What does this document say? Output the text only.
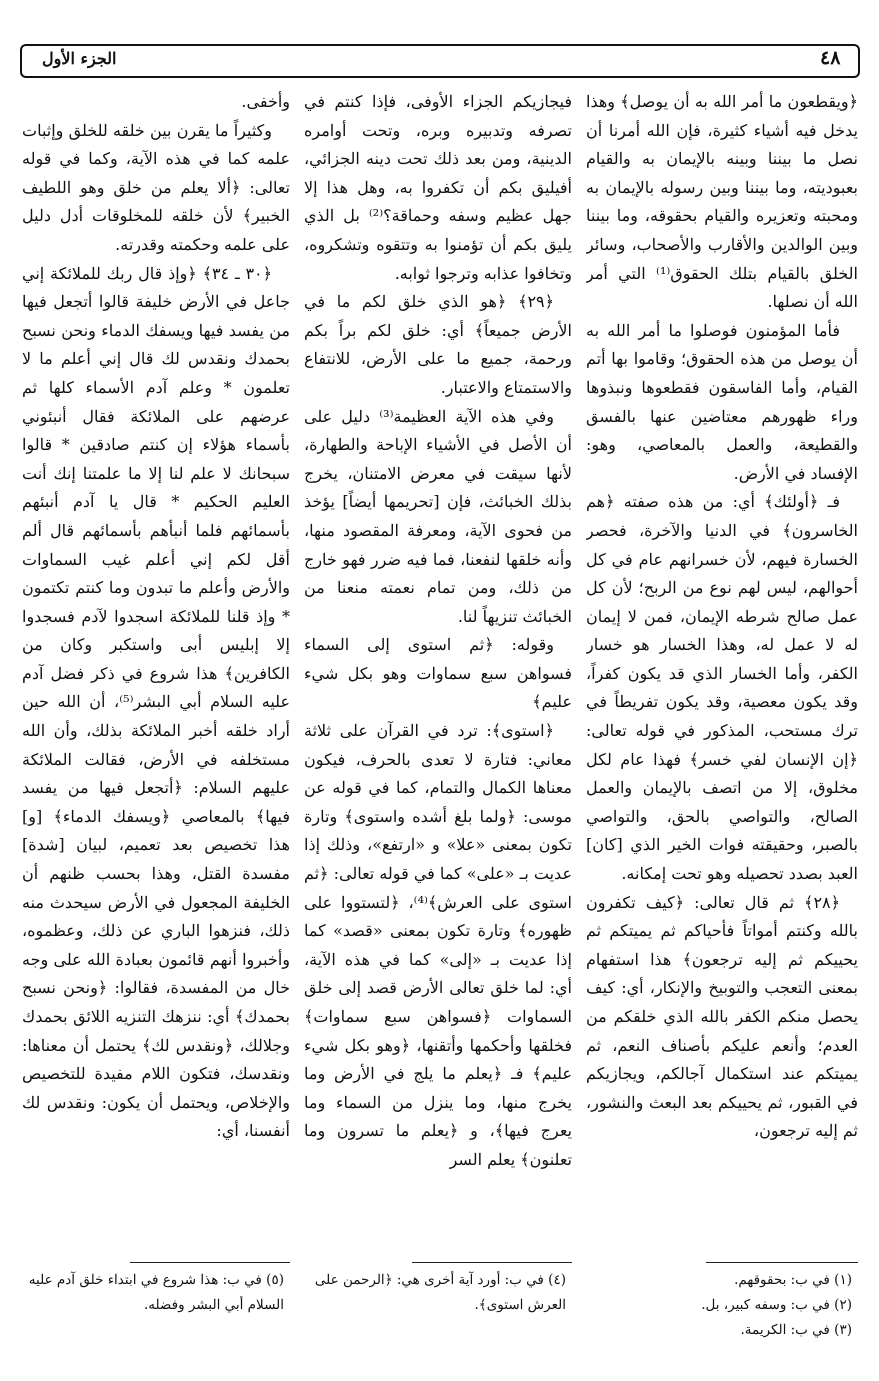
٤٨
الجزء الأول

﴿ويقطعون ما أمر الله به أن يوصل﴾ وهذا يدخل فيه أشياء كثيرة، فإن الله أمرنا أن نصل ما بيننا وبينه بالإيمان به والقيام بعبوديته، وما بيننا وبين رسوله بالإيمان به ومحبته وتعزيره والقيام بحقوقه، وما بيننا وبين الوالدين والأقارب والأصحاب، وسائر الخلق بالقيام بتلك الحقوق⁽¹⁾ التي أمر الله أن نصلها.

فأما المؤمنون فوصلوا ما أمر الله به أن يوصل من هذه الحقوق؛ وقاموا بها أتم القيام، وأما الفاسقون فقطعوها ونبذوها وراء ظهورهم معتاضين عنها بالفسق والقطيعة، والعمل بالمعاصي، وهو: الإفساد في الأرض.

فـ ﴿أولئك﴾ أي: من هذه صفته ﴿هم الخاسرون﴾ في الدنيا والآخرة، فحصر الخسارة فيهم، لأن خسرانهم عام في كل أحوالهم، ليس لهم نوع من الربح؛ لأن كل عمل صالح شرطه الإيمان، فمن لا إيمان له لا عمل له، وهذا الخسار هو خسار الكفر، وأما الخسار الذي قد يكون كفراً، وقد يكون معصية، وقد يكون تفريطاً في ترك مستحب، المذكور في قوله تعالى: ﴿إن الإنسان لفي خسر﴾ فهذا عام لكل مخلوق، إلا من اتصف بالإيمان والعمل الصالح، والتواصي بالحق، والتواصي بالصبر، وحقيقته فوات الخير الذي [كان] العبد بصدد تحصيله وهو تحت إمكانه.

﴿٢٨﴾ ثم قال تعالى: ﴿كيف تكفرون بالله وكنتم أمواتاً فأحياكم ثم يميتكم ثم يحييكم ثم إليه ترجعون﴾ هذا استفهام بمعنى التعجب والتوبيخ والإنكار، أي: كيف يحصل منكم الكفر بالله الذي خلقكم من العدم؛ وأنعم عليكم بأصناف النعم، ثم يميتكم عند استكمال آجالكم، ويجازيكم في القبور، ثم يحييكم بعد البعث والنشور، ثم إليه ترجعون،

فيجازيكم الجزاء الأوفى، فإذا كنتم في تصرفه وتدبيره وبره، وتحت أوامره الدينية، ومن بعد ذلك تحت دينه الجزائي، أفيليق بكم أن تكفروا به، وهل هذا إلا جهل عظيم وسفه وحماقة؟⁽²⁾ بل الذي يليق بكم أن تؤمنوا به وتتقوه وتشكروه، وتخافوا عذابه وترجوا ثوابه.

﴿٢٩﴾ ﴿هو الذي خلق لكم ما في الأرض جميعاً﴾ أي: خلق لكم براً بكم ورحمة، جميع ما على الأرض، للانتفاع والاستمتاع والاعتبار.

وفي هذه الآية العظيمة⁽³⁾ دليل على أن الأصل في الأشياء الإباحة والطهارة، لأنها سيقت في معرض الامتنان، يخرج بذلك الخبائث، فإن [تحريمها أيضاً] يؤخذ من فحوى الآية، ومعرفة المقصود منها، وأنه خلقها لنفعنا، فما فيه ضرر فهو خارج من ذلك، ومن تمام نعمته منعنا من الخبائث تنزيهاً لنا.

وقوله: ﴿ثم استوى إلى السماء فسواهن سبع سماوات وهو بكل شيء عليم﴾

﴿استوى﴾: ترد في القرآن على ثلاثة معاني: فتارة لا تعدى بالحرف، فيكون معناها الكمال والتمام، كما في قوله عن موسى: ﴿ولما بلغ أشده واستوى﴾ وتارة تكون بمعنى «علا» و «ارتفع»، وذلك إذا عديت بـ «على» كما في قوله تعالى: ﴿ثم استوى على العرش﴾⁽⁴⁾، ﴿لتستووا على ظهوره﴾ وتارة تكون بمعنى «قصد» كما إذا عديت بـ «إلى» كما في هذه الآية، أي: لما خلق تعالى الأرض قصد إلى خلق السماوات ﴿فسواهن سبع سماوات﴾ فخلقها وأحكمها وأتقنها، ﴿وهو بكل شيء عليم﴾ فـ ﴿يعلم ما يلج في الأرض وما يخرج منها، وما ينزل من السماء وما يعرج فيها﴾، و ﴿يعلم ما تسرون وما تعلنون﴾ يعلم السر

وأخفى.

وكثيراً ما يقرن بين خلقه للخلق وإثبات علمه كما في هذه الآية، وكما في قوله تعالى: ﴿ألا يعلم من خلق وهو اللطيف الخبير﴾ لأن خلقه للمخلوقات أدل دليل على علمه وحكمته وقدرته.

﴿٣٠ ـ ٣٤﴾ ﴿وإذ قال ربك للملائكة إني جاعل في الأرض خليفة قالوا أتجعل فيها من يفسد فيها ويسفك الدماء ونحن نسبح بحمدك ونقدس لك قال إني أعلم ما لا تعلمون * وعلم آدم الأسماء كلها ثم عرضهم على الملائكة فقال أنبئوني بأسماء هؤلاء إن كنتم صادقين * قالوا سبحانك لا علم لنا إلا ما علمتنا إنك أنت العليم الحكيم * قال يا آدم أنبئهم بأسمائهم فلما أنبأهم بأسمائهم قال ألم أقل لكم إني أعلم غيب السماوات والأرض وأعلم ما تبدون وما كنتم تكتمون * وإذ قلنا للملائكة اسجدوا لآدم فسجدوا إلا إبليس أبى واستكبر وكان من الكافرين﴾ هذا شروع في ذكر فضل آدم عليه السلام أبي البشر⁽⁵⁾، أن الله حين أراد خلقه أخبر الملائكة بذلك، وأن الله مستخلفه في الأرض، فقالت الملائكة عليهم السلام: ﴿أتجعل فيها من يفسد فيها﴾ بالمعاصي ﴿ويسفك الدماء﴾ [و] هذا تخصيص بعد تعميم، لبيان [شدة] مفسدة القتل، وهذا بحسب ظنهم أن الخليفة المجعول في الأرض سيحدث منه ذلك، فنزهوا الباري عن ذلك، وعظموه، وأخبروا أنهم قائمون بعبادة الله على وجه خال من المفسدة، فقالوا: ﴿ونحن نسبح بحمدك﴾ أي: ننزهك التنزيه اللائق بحمدك وجلالك، ﴿ونقدس لك﴾ يحتمل أن معناها: ونقدسك، فتكون اللام مفيدة للتخصيص والإخلاص، ويحتمل أن يكون: ونقدس لك أنفسنا، أي:

(١) في ب: بحقوقهم.
(٢) في ب: وسفه كبير، بل.
(٣) في ب: الكريمة.
(٤) في ب: أورد آية أخرى هي: ﴿الرحمن على العرش استوى﴾.
(٥) في ب: هذا شروع في ابتداء خلق آدم عليه السلام أبي البشر وفضله.
